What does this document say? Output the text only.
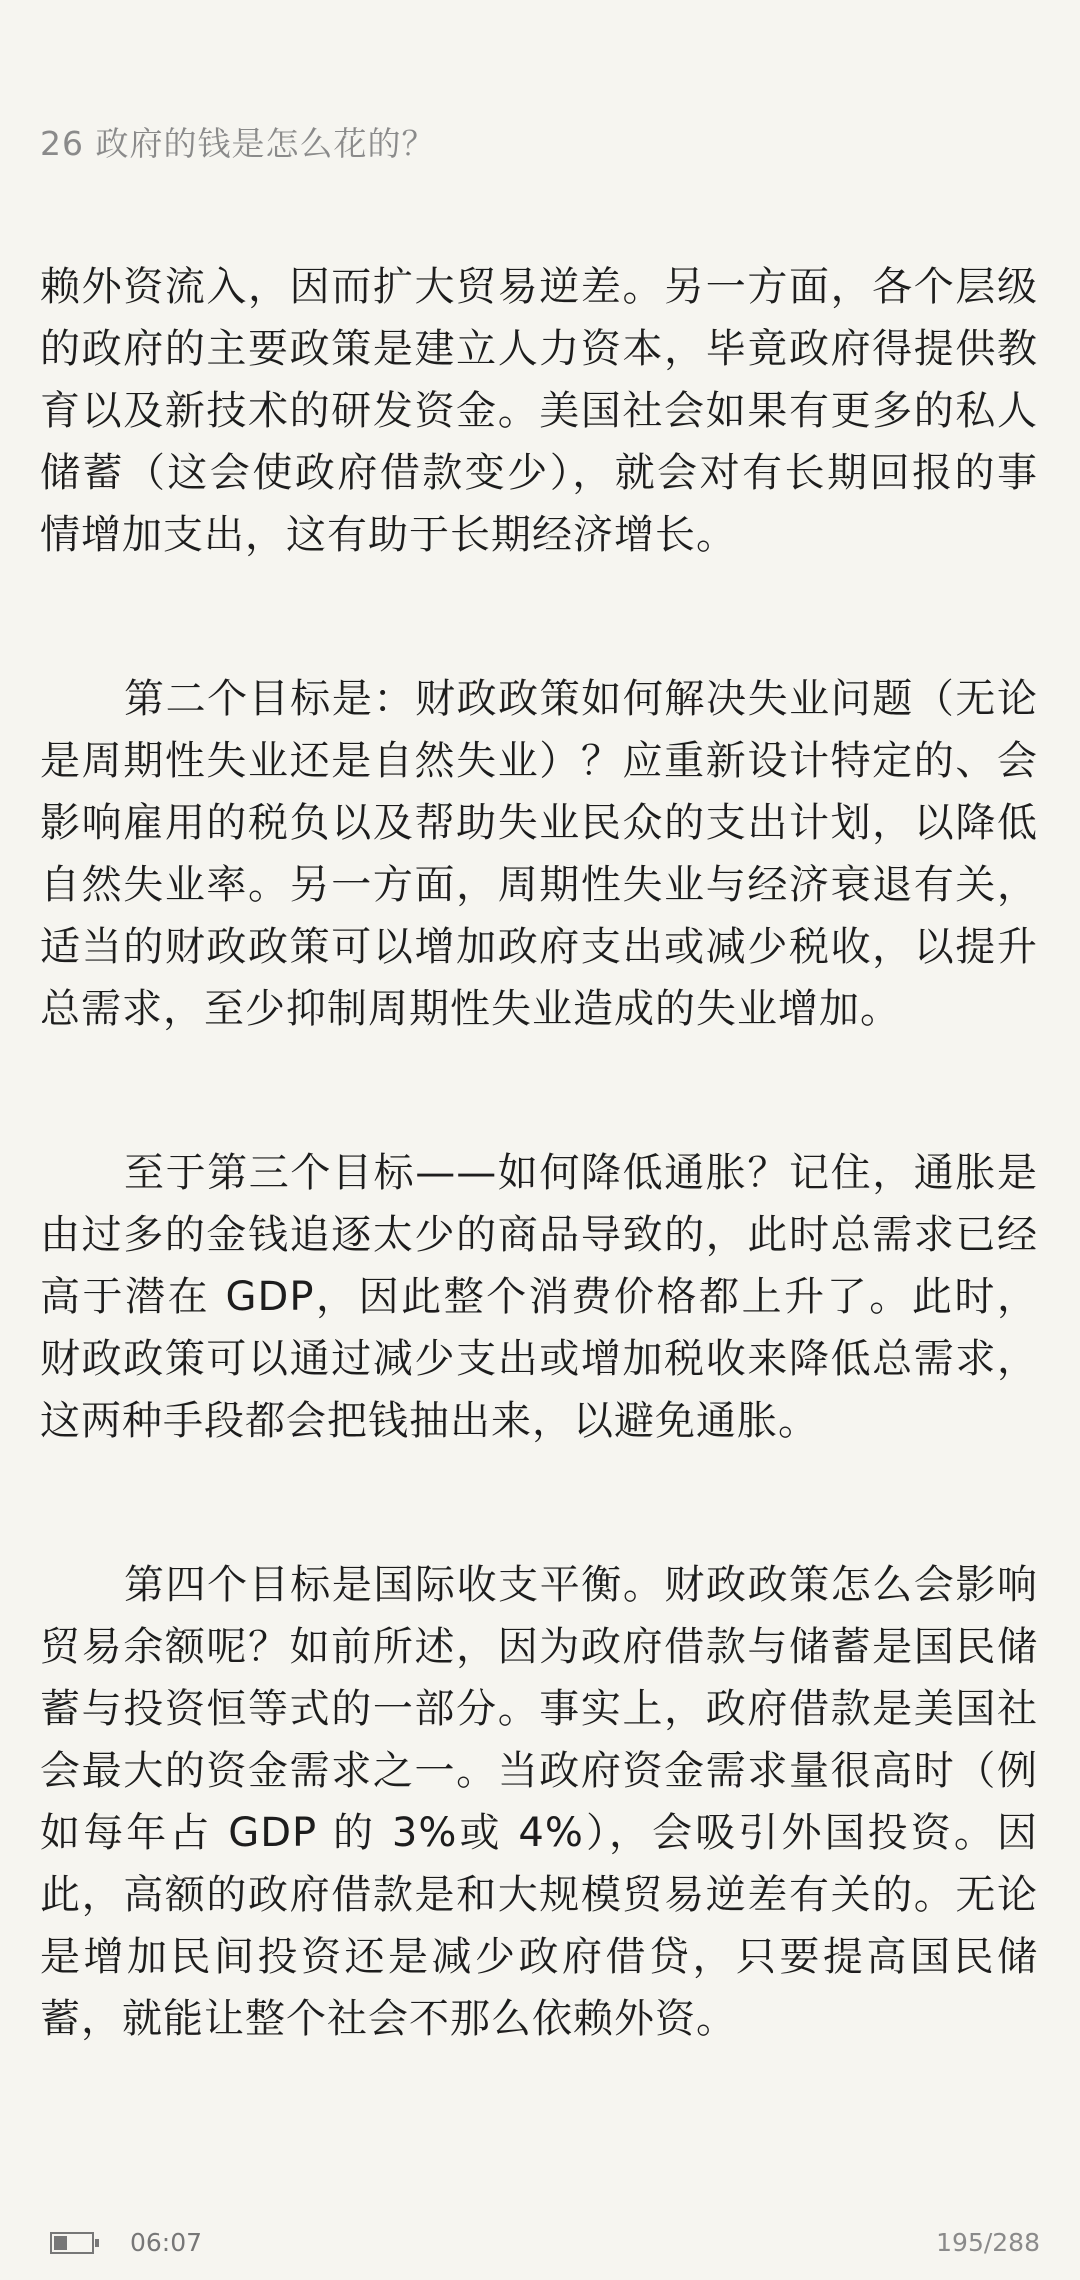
26 政府的钱是怎么花的？

赖外资流入，因而扩大贸易逆差。另一方面，各个层级的政府的主要政策是建立人力资本，毕竟政府得提供教育以及新技术的研发资金。美国社会如果有更多的私人储蓄（这会使政府借款变少），就会对有长期回报的事情增加支出，这有助于长期经济增长。

第二个目标是：财政政策如何解决失业问题（无论是周期性失业还是自然失业）？应重新设计特定的、会影响雇用的税负以及帮助失业民众的支出计划，以降低自然失业率。另一方面，周期性失业与经济衰退有关，适当的财政政策可以增加政府支出或减少税收，以提升总需求，至少抑制周期性失业造成的失业增加。

至于第三个目标——如何降低通胀？记住，通胀是由过多的金钱追逐太少的商品导致的，此时总需求已经高于潜在 GDP，因此整个消费价格都上升了。此时，财政政策可以通过减少支出或增加税收来降低总需求，这两种手段都会把钱抽出来，以避免通胀。

第四个目标是国际收支平衡。财政政策怎么会影响贸易余额呢？如前所述，因为政府借款与储蓄是国民储蓄与投资恒等式的一部分。事实上，政府借款是美国社会最大的资金需求之一。当政府资金需求量很高时（例如每年占 GDP 的 3%或 4%），会吸引外国投资。因此，高额的政府借款是和大规模贸易逆差有关的。无论是增加民间投资还是减少政府借贷，只要提高国民储蓄，就能让整个社会不那么依赖外资。

06:07	195/288
